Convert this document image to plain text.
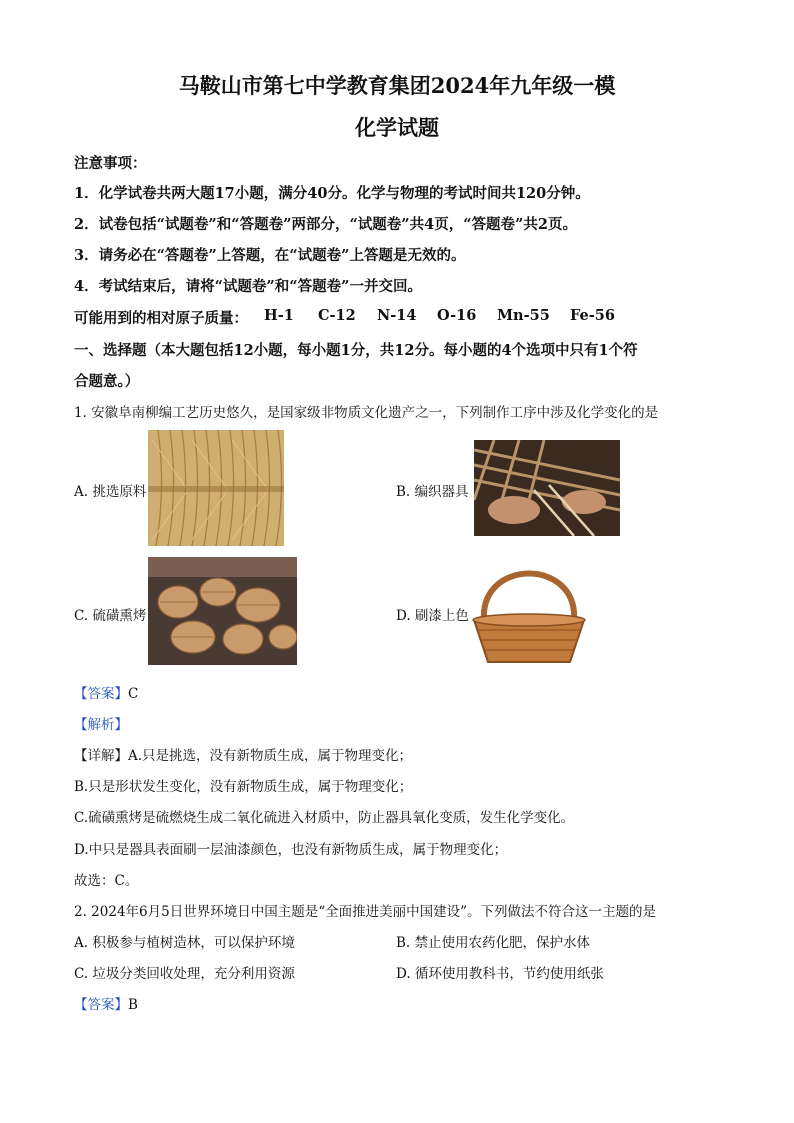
马鞍山市第七中学教育集团2024年九年级一模
化学试题
注意事项：
1．化学试卷共两大题17小题，满分40分。化学与物理的考试时间共120分钟。
2．试卷包括“试题卷”和“答题卷”两部分，“试题卷”共4页，“答题卷”共2页。
3．请务必在“答题卷”上答题，在“试题卷”上答题是无效的。
4．考试结束后，请将“试题卷”和“答题卷”一并交回。
可能用到的相对原子质量： H-1 C-12 N-14 O-16 Mn-55 Fe-56
一、选择题（本大题包括12小题，每小题1分，共12分。每小题的4个选项中只有1个符
合题意。）
1. 安徽阜南柳编工艺历史悠久，是国家级非物质文化遗产之一，下列制作工序中涉及化学变化的是
A. 挑选原料	B. 编织器具
C. 硫磺熏烤	D. 刷漆上色
【答案】C
【解析】
【详解】A.只是挑选，没有新物质生成，属于物理变化；
B.只是形状发生变化，没有新物质生成，属于物理变化；
C.硫磺熏烤是硫燃烧生成二氧化硫进入材质中，防止器具氧化变质，发生化学变化。
D.中只是器具表面刷一层油漆颜色，也没有新物质生成，属于物理变化；
故选：C。
2. 2024年6月5日世界环境日中国主题是“全面推进美丽中国建设”。下列做法不符合这一主题的是
A. 积极参与植树造林，可以保护环境	B. 禁止使用农药化肥，保护水体
C. 垃圾分类回收处理，充分利用资源	D. 循环使用教科书，节约使用纸张
【答案】B
